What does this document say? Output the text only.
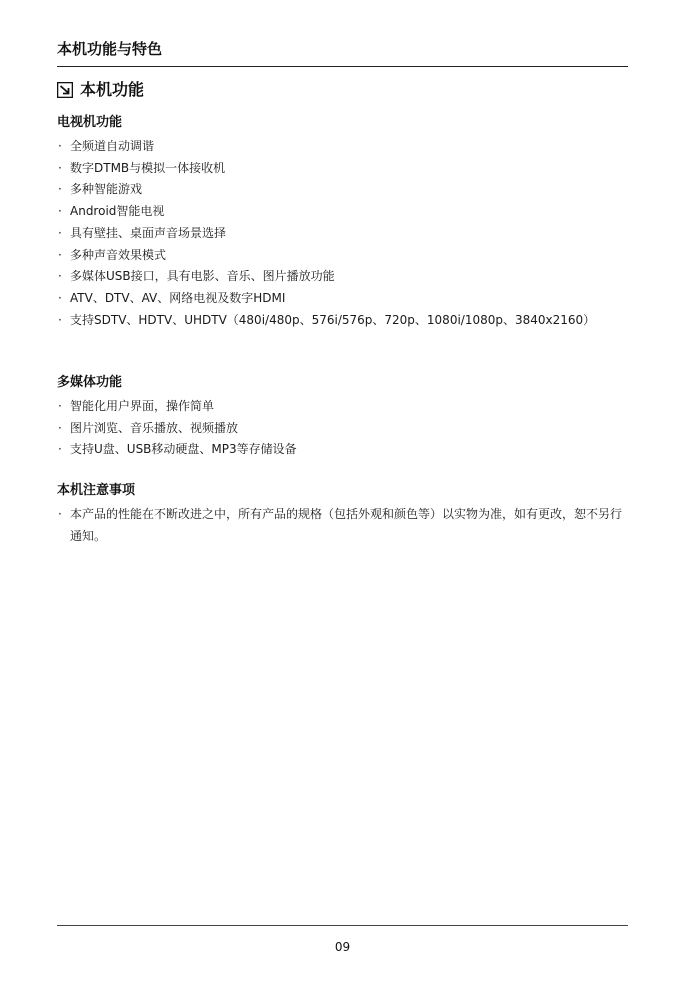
本机功能与特色
本机功能
电视机功能
· 全频道自动调谐
· 数字DTMB与模拟一体接收机
· 多种智能游戏
· Android智能电视
· 具有壁挂、桌面声音场景选择
· 多种声音效果模式
· 多媒体USB接口，具有电影、音乐、图片播放功能
· ATV、DTV、AV、网络电视及数字HDMI
· 支持SDTV、HDTV、UHDTV（480i/480p、576i/576p、720p、1080i/1080p、3840x2160）
多媒体功能
· 智能化用户界面，操作简单
· 图片浏览、音乐播放、视频播放
· 支持U盘、USB移动硬盘、MP3等存储设备
本机注意事项
· 本产品的性能在不断改进之中，所有产品的规格（包括外观和颜色等）以实物为准，如有更改，恕不另行通知。
09
